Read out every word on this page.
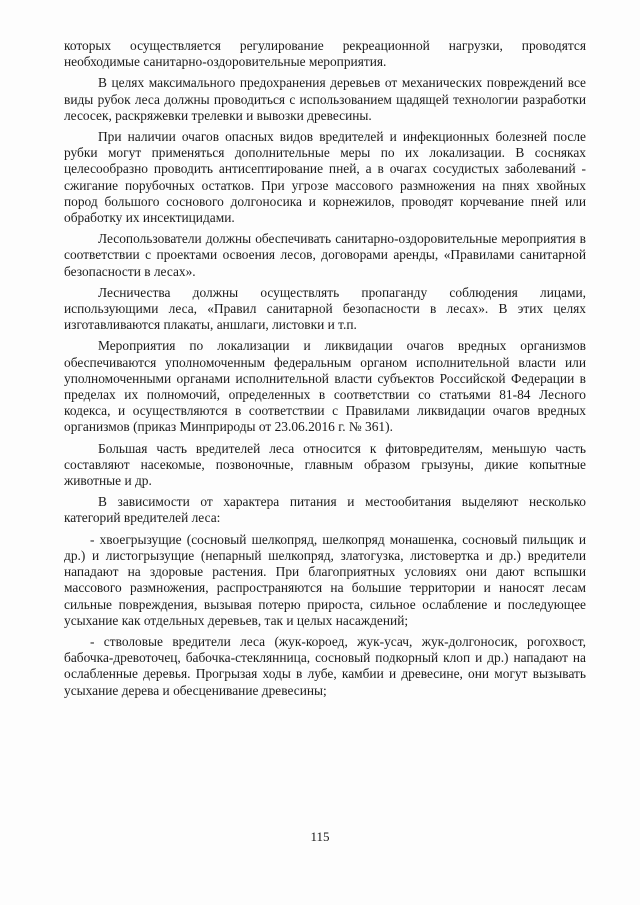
которых осуществляется регулирование рекреационной нагрузки, проводятся необходимые санитарно-оздоровительные мероприятия.

В целях максимального предохранения деревьев от механических повреждений все виды рубок леса должны проводиться с использованием щадящей технологии разработки лесосек, раскряжевки трелевки и вывозки древесины.

При наличии очагов опасных видов вредителей и инфекционных болезней после рубки могут применяться дополнительные меры по их локализации. В сосняках целесообразно проводить антисептирование пней, а в очагах сосудистых заболеваний - сжигание порубочных остатков. При угрозе массового размножения на пнях хвойных пород большого соснового долгоносика и корнежилов, проводят корчевание пней или обработку их инсектицидами.

Лесопользователи должны обеспечивать санитарно-оздоровительные мероприятия в соответствии с проектами освоения лесов, договорами аренды, «Правилами санитарной безопасности в лесах».

Лесничества должны осуществлять пропаганду соблюдения лицами, использующими леса, «Правил санитарной безопасности в лесах». В этих целях изготавливаются плакаты, аншлаги, листовки и т.п.

Мероприятия по локализации и ликвидации очагов вредных организмов обеспечиваются уполномоченным федеральным органом исполнительной власти или уполномоченными органами исполнительной власти субъектов Российской Федерации в пределах их полномочий, определенных в соответствии со статьями 81-84 Лесного кодекса, и осуществляются в соответствии с Правилами ликвидации очагов вредных организмов (приказ Минприроды от 23.06.2016 г. № 361).

Большая часть вредителей леса относится к фитовредителям, меньшую часть составляют насекомые, позвоночные, главным образом грызуны, дикие копытные животные и др.

В зависимости от характера питания и местообитания выделяют несколько категорий вредителей леса:

- хвоегрызущие (сосновый шелкопряд, шелкопряд монашенка, сосновый пильщик и др.) и листогрызущие (непарный шелкопряд, златогузка, листовертка и др.) вредители нападают на здоровые растения. При благоприятных условиях они дают вспышки массового размножения, распространяются на большие территории и наносят лесам сильные повреждения, вызывая потерю прироста, сильное ослабление и последующее усыхание как отдельных деревьев, так и целых насаждений;

- стволовые вредители леса (жук-короед, жук-усач, жук-долгоносик, рогохвост, бабочка-древоточец, бабочка-стеклянница, сосновый подкорный клоп и др.) нападают на ослабленные деревья. Прогрызая ходы в лубе, камбии и древесине, они могут вызывать усыхание дерева и обесценивание древесины;

115
